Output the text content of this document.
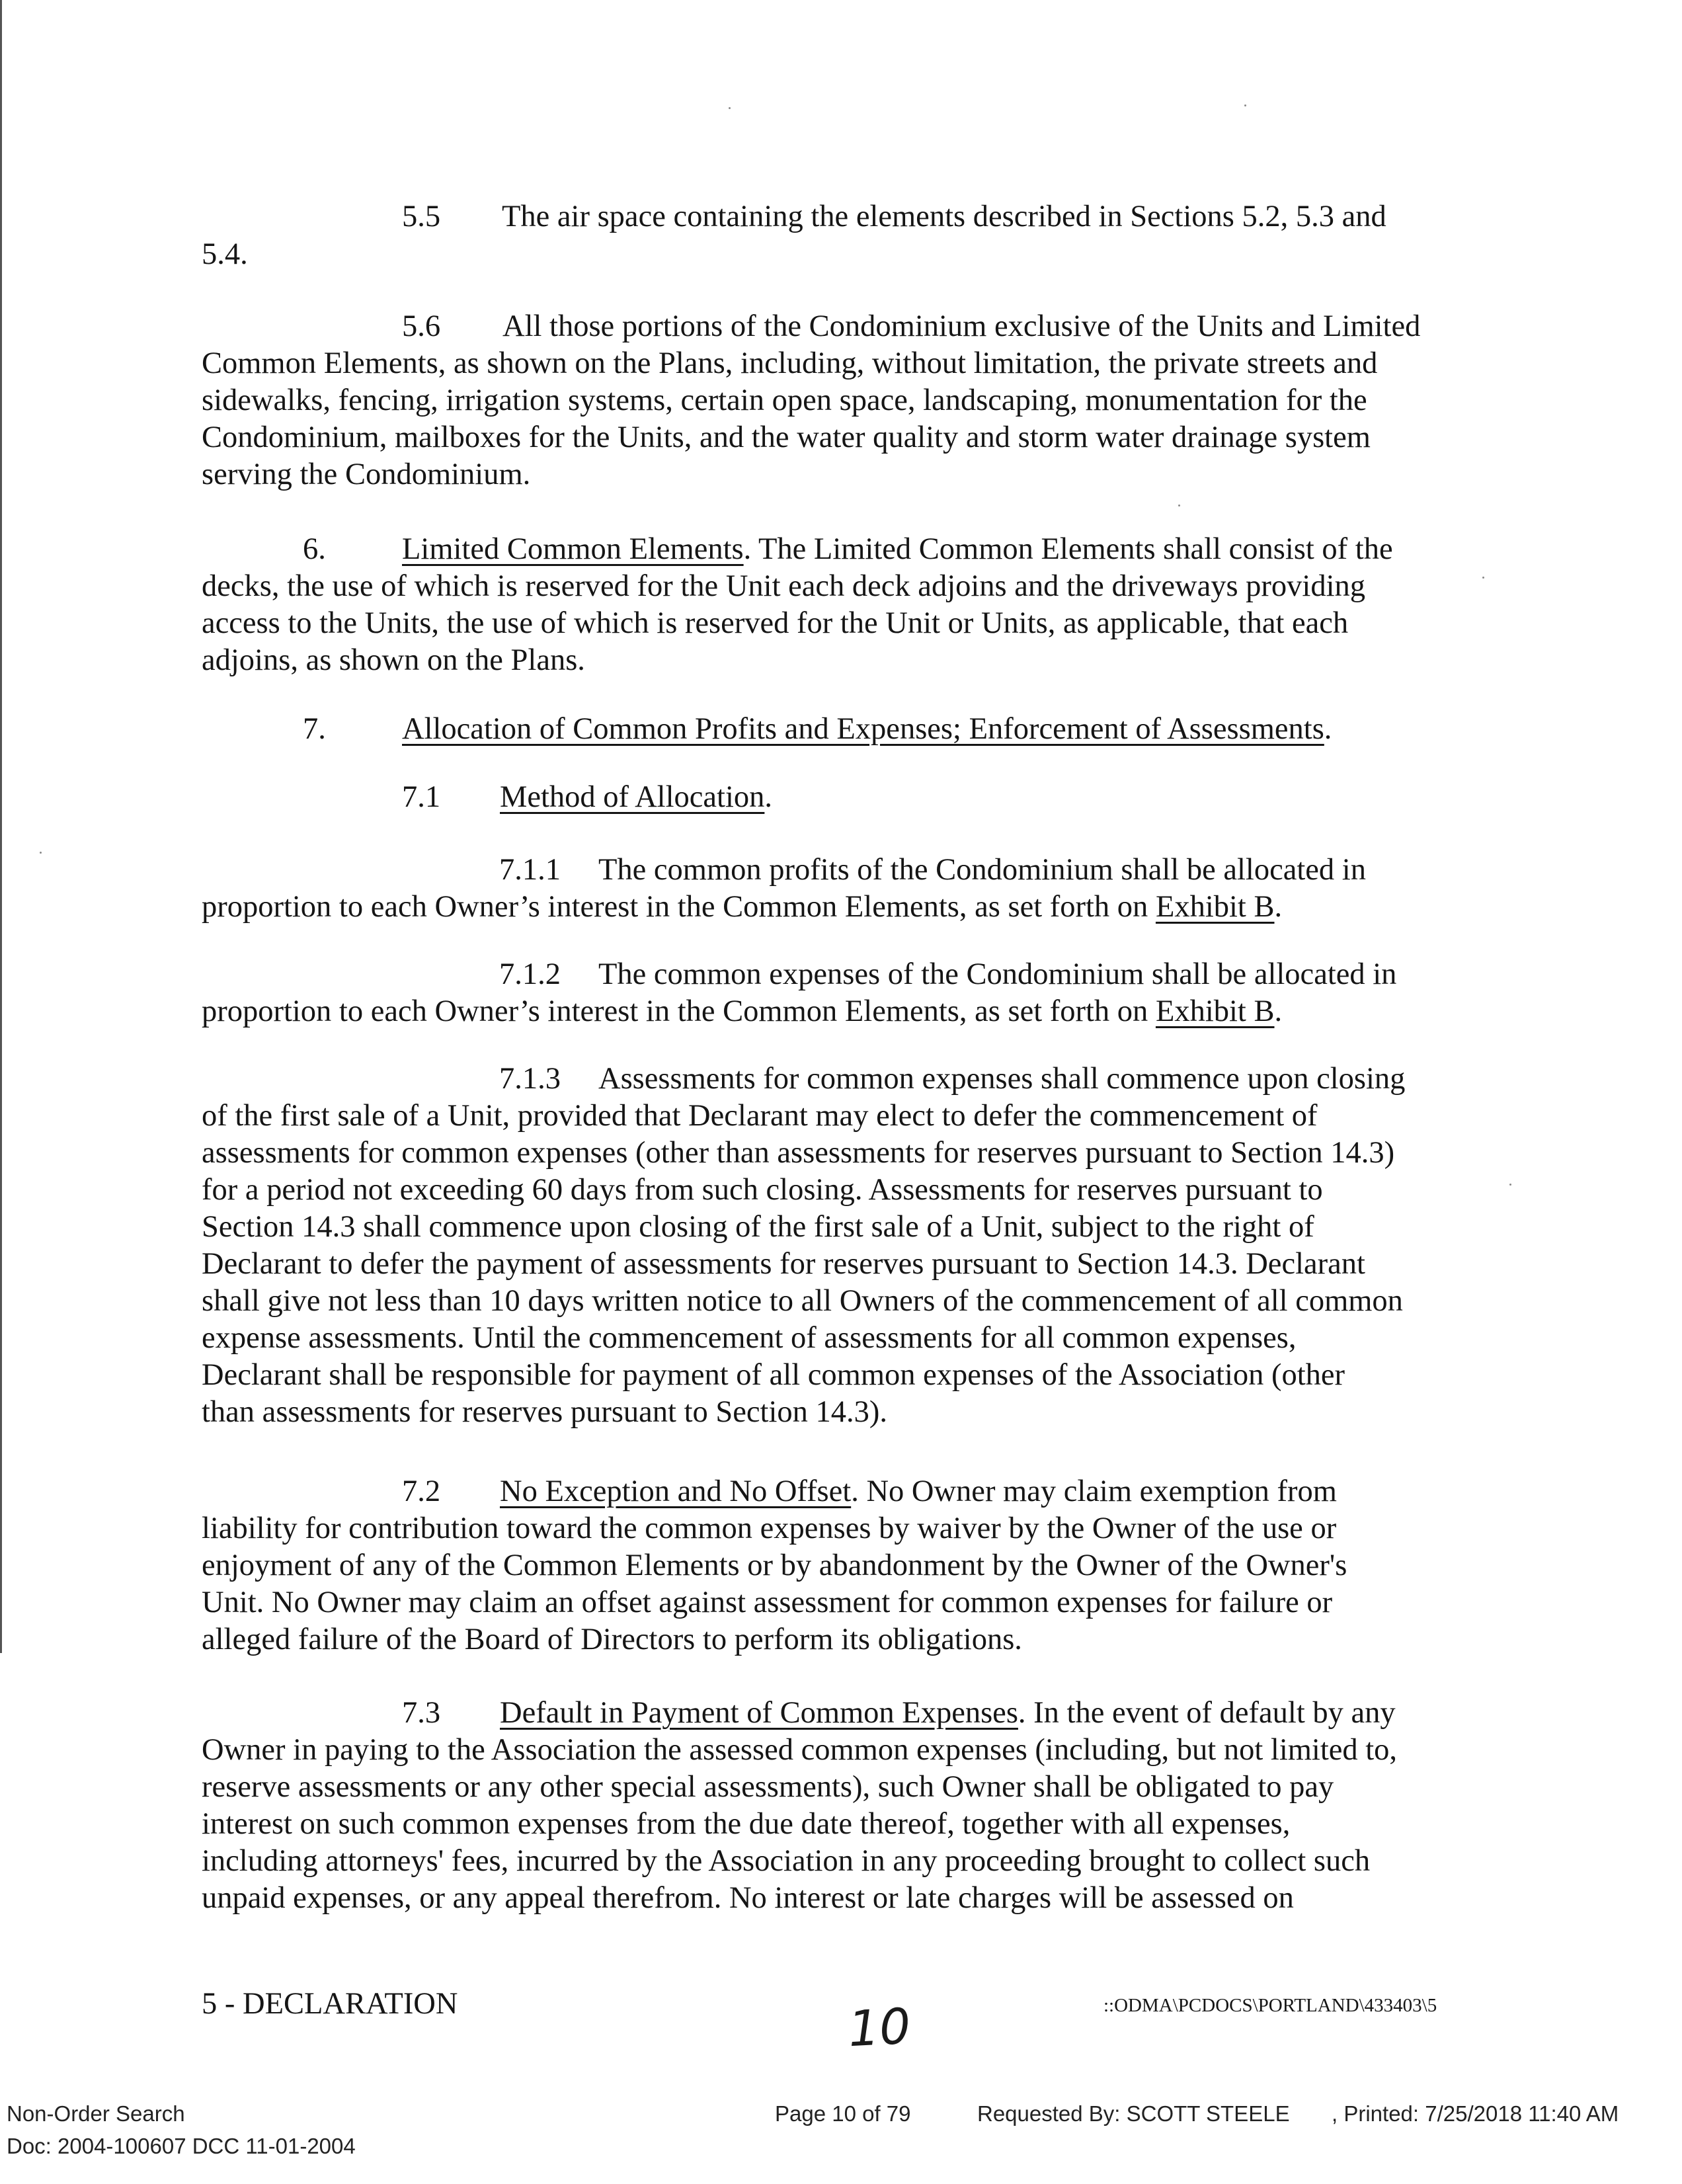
5.5 The air space containing the elements described in Sections 5.2, 5.3 and
5.4.
5.6 All those portions of the Condominium exclusive of the Units and Limited
Common Elements, as shown on the Plans, including, without limitation, the private streets and
sidewalks, fencing, irrigation systems, certain open space, landscaping, monumentation for the
Condominium, mailboxes for the Units, and the water quality and storm water drainage system
serving the Condominium.
6. Limited Common Elements. The Limited Common Elements shall consist of the
decks, the use of which is reserved for the Unit each deck adjoins and the driveways providing
access to the Units, the use of which is reserved for the Unit or Units, as applicable, that each
adjoins, as shown on the Plans.
7. Allocation of Common Profits and Expenses; Enforcement of Assessments.
7.1 Method of Allocation.
7.1.1 The common profits of the Condominium shall be allocated in
proportion to each Owner’s interest in the Common Elements, as set forth on Exhibit B.
7.1.2 The common expenses of the Condominium shall be allocated in
proportion to each Owner’s interest in the Common Elements, as set forth on Exhibit B.
7.1.3 Assessments for common expenses shall commence upon closing
of the first sale of a Unit, provided that Declarant may elect to defer the commencement of
assessments for common expenses (other than assessments for reserves pursuant to Section 14.3)
for a period not exceeding 60 days from such closing. Assessments for reserves pursuant to
Section 14.3 shall commence upon closing of the first sale of a Unit, subject to the right of
Declarant to defer the payment of assessments for reserves pursuant to Section 14.3. Declarant
shall give not less than 10 days written notice to all Owners of the commencement of all common
expense assessments. Until the commencement of assessments for all common expenses,
Declarant shall be responsible for payment of all common expenses of the Association (other
than assessments for reserves pursuant to Section 14.3).
7.2 No Exception and No Offset. No Owner may claim exemption from
liability for contribution toward the common expenses by waiver by the Owner of the use or
enjoyment of any of the Common Elements or by abandonment by the Owner of the Owner's
Unit. No Owner may claim an offset against assessment for common expenses for failure or
alleged failure of the Board of Directors to perform its obligations.
7.3 Default in Payment of Common Expenses. In the event of default by any
Owner in paying to the Association the assessed common expenses (including, but not limited to,
reserve assessments or any other special assessments), such Owner shall be obligated to pay
interest on such common expenses from the due date thereof, together with all expenses,
including attorneys' fees, incurred by the Association in any proceeding brought to collect such
unpaid expenses, or any appeal therefrom. No interest or late charges will be assessed on
5 - DECLARATION	::ODMA\PCDOCS\PORTLAND\433403\5
10
Non-Order Search
Doc: 2004-100607 DCC 11-01-2004
Page 10 of 79	Requested By: SCOTT STEELE , Printed: 7/25/2018 11:40 AM
